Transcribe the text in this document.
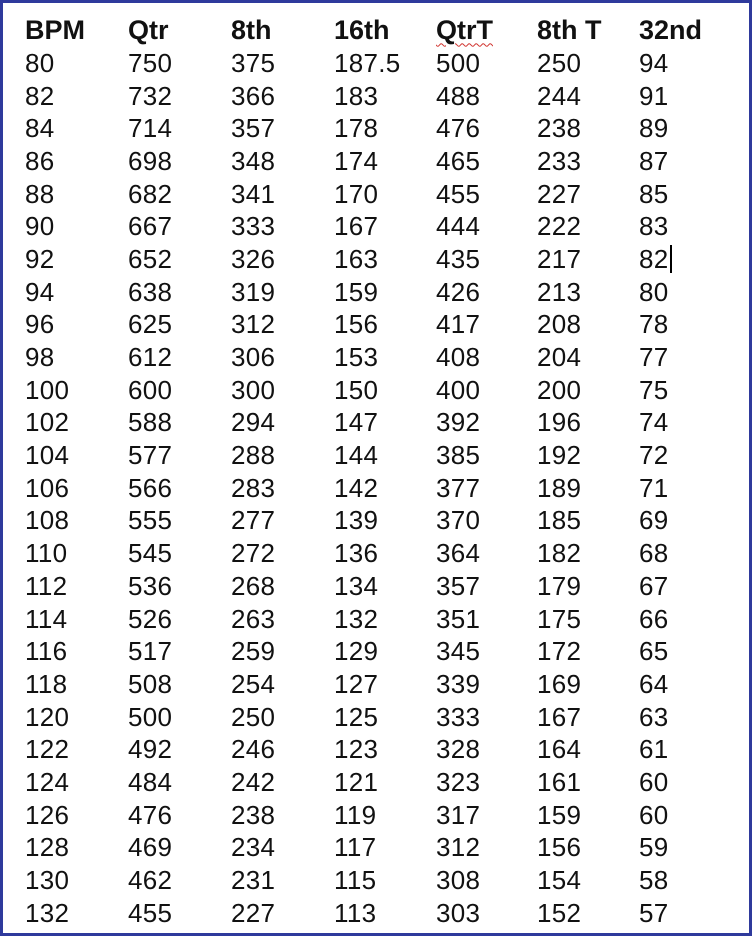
BPM	Qtr	8th	16th	QtrT	8th T	32nd
80	750	375	187.5	500	250	94
82	732	366	183	488	244	91
84	714	357	178	476	238	89
86	698	348	174	465	233	87
88	682	341	170	455	227	85
90	667	333	167	444	222	83
92	652	326	163	435	217	82
94	638	319	159	426	213	80
96	625	312	156	417	208	78
98	612	306	153	408	204	77
100	600	300	150	400	200	75
102	588	294	147	392	196	74
104	577	288	144	385	192	72
106	566	283	142	377	189	71
108	555	277	139	370	185	69
110	545	272	136	364	182	68
112	536	268	134	357	179	67
114	526	263	132	351	175	66
116	517	259	129	345	172	65
118	508	254	127	339	169	64
120	500	250	125	333	167	63
122	492	246	123	328	164	61
124	484	242	121	323	161	60
126	476	238	119	317	159	60
128	469	234	117	312	156	59
130	462	231	115	308	154	58
132	455	227	113	303	152	57
